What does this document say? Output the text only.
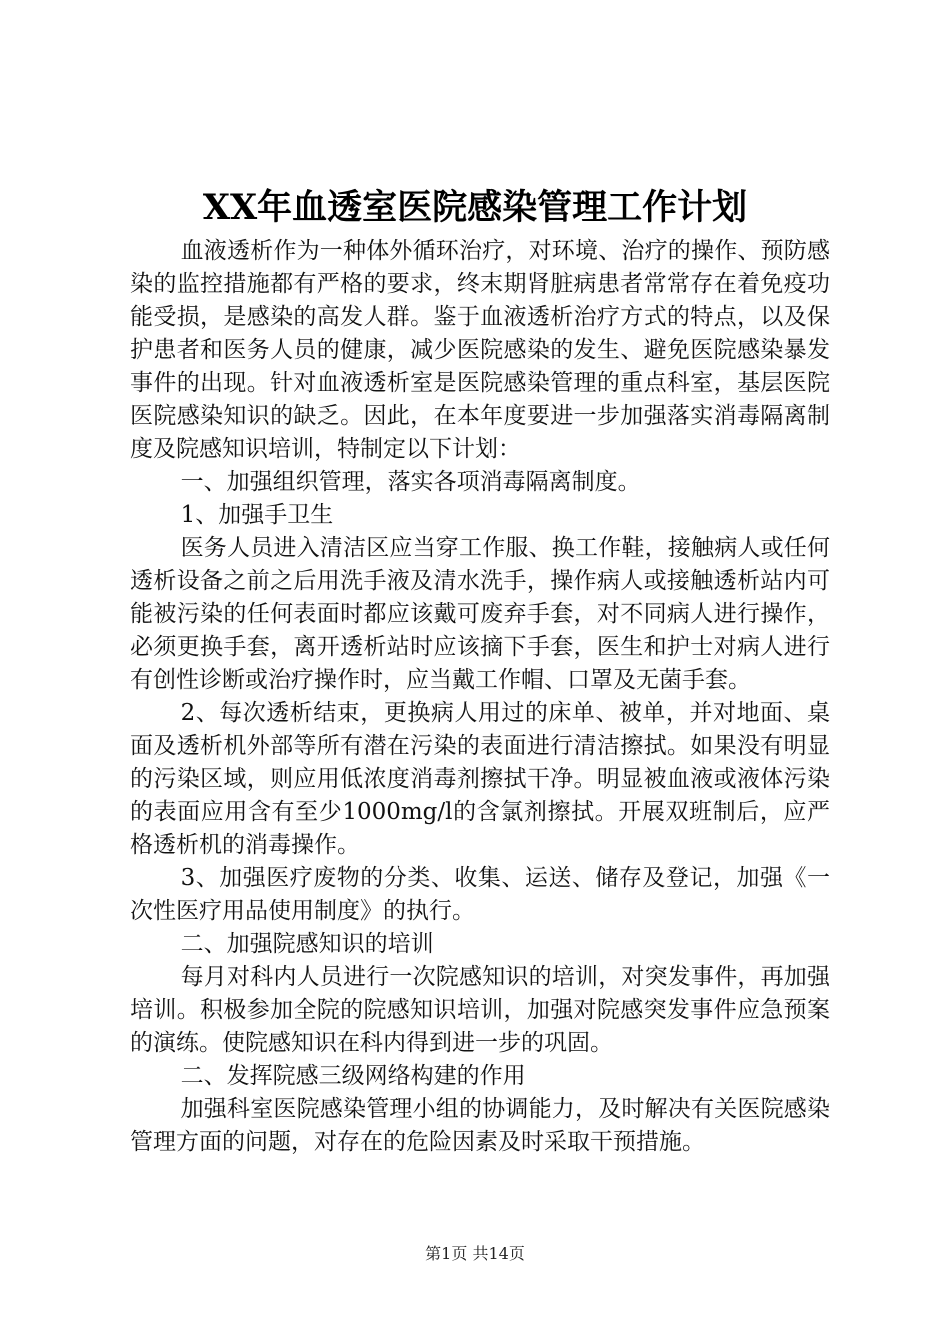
XX年血透室医院感染管理工作计划

血液透析作为一种体外循环治疗，对环境、治疗的操作、预防感染的监控措施都有严格的要求，终末期肾脏病患者常常存在着免疫功能受损，是感染的高发人群。鉴于血液透析治疗方式的特点，以及保护患者和医务人员的健康，减少医院感染的发生、避免医院感染暴发事件的出现。针对血液透析室是医院感染管理的重点科室，基层医院医院感染知识的缺乏。因此，在本年度要进一步加强落实消毒隔离制度及院感知识培训，特制定以下计划：

一、加强组织管理，落实各项消毒隔离制度。

1、加强手卫生

医务人员进入清洁区应当穿工作服、换工作鞋，接触病人或任何透析设备之前之后用洗手液及清水洗手，操作病人或接触透析站内可能被污染的任何表面时都应该戴可废弃手套，对不同病人进行操作，必须更换手套，离开透析站时应该摘下手套，医生和护士对病人进行有创性诊断或治疗操作时，应当戴工作帽、口罩及无菌手套。

2、每次透析结束，更换病人用过的床单、被单，并对地面、桌面及透析机外部等所有潜在污染的表面进行清洁擦拭。如果没有明显的污染区域，则应用低浓度消毒剂擦拭干净。明显被血液或液体污染的表面应用含有至少1000mg/l的含氯剂擦拭。开展双班制后，应严格透析机的消毒操作。

3、加强医疗废物的分类、收集、运送、储存及登记，加强《一次性医疗用品使用制度》的执行。

二、加强院感知识的培训

每月对科内人员进行一次院感知识的培训，对突发事件，再加强培训。积极参加全院的院感知识培训，加强对院感突发事件应急预案的演练。使院感知识在科内得到进一步的巩固。

二、发挥院感三级网络构建的作用

加强科室医院感染管理小组的协调能力，及时解决有关医院感染管理方面的问题，对存在的危险因素及时采取干预措施。

第1页 共14页
